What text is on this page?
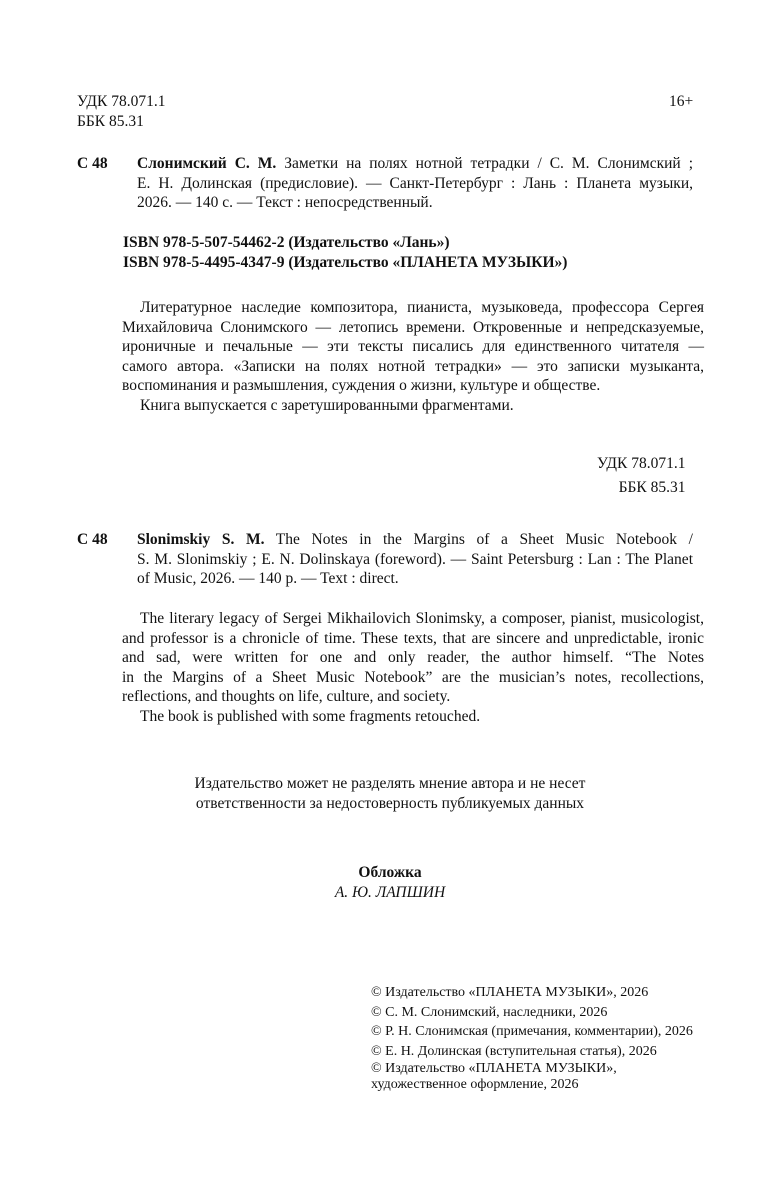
УДК 78.071.1
ББК 85.31
16+
С 48 Слонимский С. М. Заметки на полях нотной тетрадки / С. М. Слонимский ;
Е. Н. Долинская (предисловие). — Санкт-Петербург : Лань : Планета музыки,
2026. — 140 с. — Текст : непосредственный.
ISBN 978-5-507-54462-2 (Издательство «Лань»)
ISBN 978-5-4495-4347-9 (Издательство «ПЛАНЕТА МУЗЫКИ»)
Литературное наследие композитора, пианиста, музыковеда, профессора Сергея
Михайловича Слонимского — летопись времени. Откровенные и непредсказуемые,
ироничные и печальные — эти тексты писались для единственного читателя —
самого автора. «Записки на полях нотной тетрадки» — это записки музыканта,
воспоминания и размышления, суждения о жизни, культуре и обществе.
Книга выпускается с заретушированными фрагментами.
УДК 78.071.1
ББК 85.31
С 48 Slonimskiy S. M. The Notes in the Margins of a Sheet Music Notebook /
S. M. Slonimskiy ; E. N. Dolinskaya (foreword). — Saint Petersburg : Lan : The Planet
of Music, 2026. — 140 p. — Text : direct.
The literary legacy of Sergei Mikhailovich Slonimsky, a composer, pianist, musicologist,
and professor is a chronicle of time. These texts, that are sincere and unpredictable, ironic
and sad, were written for one and only reader, the author himself. “The Notes
in the Margins of a Sheet Music Notebook” are the musician’s notes, recollections,
reflections, and thoughts on life, culture, and society.
The book is published with some fragments retouched.
Издательство может не разделять мнение автора и не несет
ответственности за недостоверность публикуемых данных
Обложка
А. Ю. ЛАПШИН
© Издательство «ПЛАНЕТА МУЗЫКИ», 2026
© С. М. Слонимский, наследники, 2026
© Р. Н. Слонимская (примечания, комментарии), 2026
© Е. Н. Долинская (вступительная статья), 2026
© Издательство «ПЛАНЕТА МУЗЫКИ»,
художественное оформление, 2026
